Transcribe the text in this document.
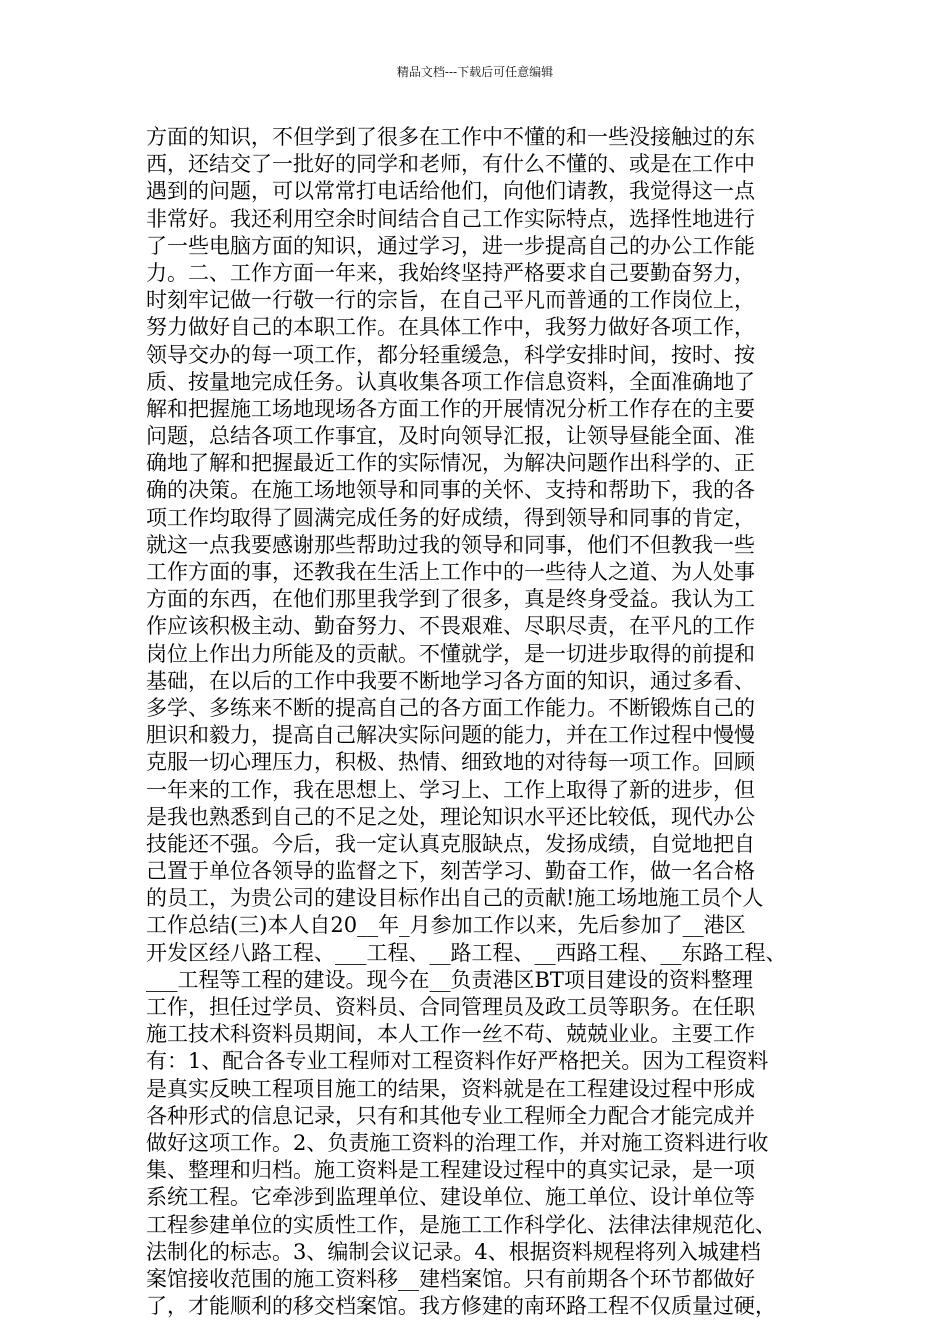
精品文档---下载后可任意编辑
方面的知识，不但学到了很多在工作中不懂的和一些没接触过的东
西，还结交了一批好的同学和老师，有什么不懂的、或是在工作中
遇到的问题，可以常常打电话给他们，向他们请教，我觉得这一点
非常好。我还利用空余时间结合自己工作实际特点，选择性地进行
了一些电脑方面的知识，通过学习，进一步提高自己的办公工作能
力。二、工作方面一年来，我始终坚持严格要求自己要勤奋努力，
时刻牢记做一行敬一行的宗旨，在自己平凡而普通的工作岗位上，
努力做好自己的本职工作。在具体工作中，我努力做好各项工作，
领导交办的每一项工作，都分轻重缓急，科学安排时间，按时、按
质、按量地完成任务。认真收集各项工作信息资料，全面准确地了
解和把握施工场地现场各方面工作的开展情况分析工作存在的主要
问题，总结各项工作事宜，及时向领导汇报，让领导昼能全面、准
确地了解和把握最近工作的实际情况，为解决问题作出科学的、正
确的决策。在施工场地领导和同事的关怀、支持和帮助下，我的各
项工作均取得了圆满完成任务的好成绩，得到领导和同事的肯定，
就这一点我要感谢那些帮助过我的领导和同事，他们不但教我一些
工作方面的事，还教我在生活上工作中的一些待人之道、为人处事
方面的东西，在他们那里我学到了很多，真是终身受益。我认为工
作应该积极主动、勤奋努力、不畏艰难、尽职尽责，在平凡的工作
岗位上作出力所能及的贡献。不懂就学，是一切进步取得的前提和
基础，在以后的工作中我要不断地学习各方面的知识，通过多看、
多学、多练来不断的提高自己的各方面工作能力。不断锻炼自己的
胆识和毅力，提高自己解决实际问题的能力，并在工作过程中慢慢
克服一切心理压力，积极、热情、细致地的对待每一项工作。回顾
一年来的工作，我在思想上、学习上、工作上取得了新的进步，但
是我也熟悉到自己的不足之处，理论知识水平还比较低，现代办公
技能还不强。今后，我一定认真克服缺点，发扬成绩，自觉地把自
己置于单位各领导的监督之下，刻苦学习、勤奋工作，做一名合格
的员工，为贵公司的建设目标作出自己的贡献!施工场地施工员个人
工作总结(三)本人自20__年_月参加工作以来，先后参加了__港区
开发区经八路工程、___工程、__路工程、__西路工程、__东路工程、
___工程等工程的建设。现今在__负责港区BT项目建设的资料整理
工作，担任过学员、资料员、合同管理员及政工员等职务。在任职
施工技术科资料员期间，本人工作一丝不苟、兢兢业业。主要工作
有：1、配合各专业工程师对工程资料作好严格把关。因为工程资料
是真实反映工程项目施工的结果，资料就是在工程建设过程中形成
各种形式的信息记录，只有和其他专业工程师全力配合才能完成并
做好这项工作。2、负责施工资料的治理工作，并对施工资料进行收
集、整理和归档。施工资料是工程建设过程中的真实记录，是一项
系统工程。它牵涉到监理单位、建设单位、施工单位、设计单位等
工程参建单位的实质性工作，是施工工作科学化、法律法律规范化、
法制化的标志。3、编制会议记录。4、根据资料规程将列入城建档
案馆接收范围的施工资料移__建档案馆。只有前期各个环节都做好
了，才能顺利的移交档案馆。我方修建的南环路工程不仅质量过硬，
